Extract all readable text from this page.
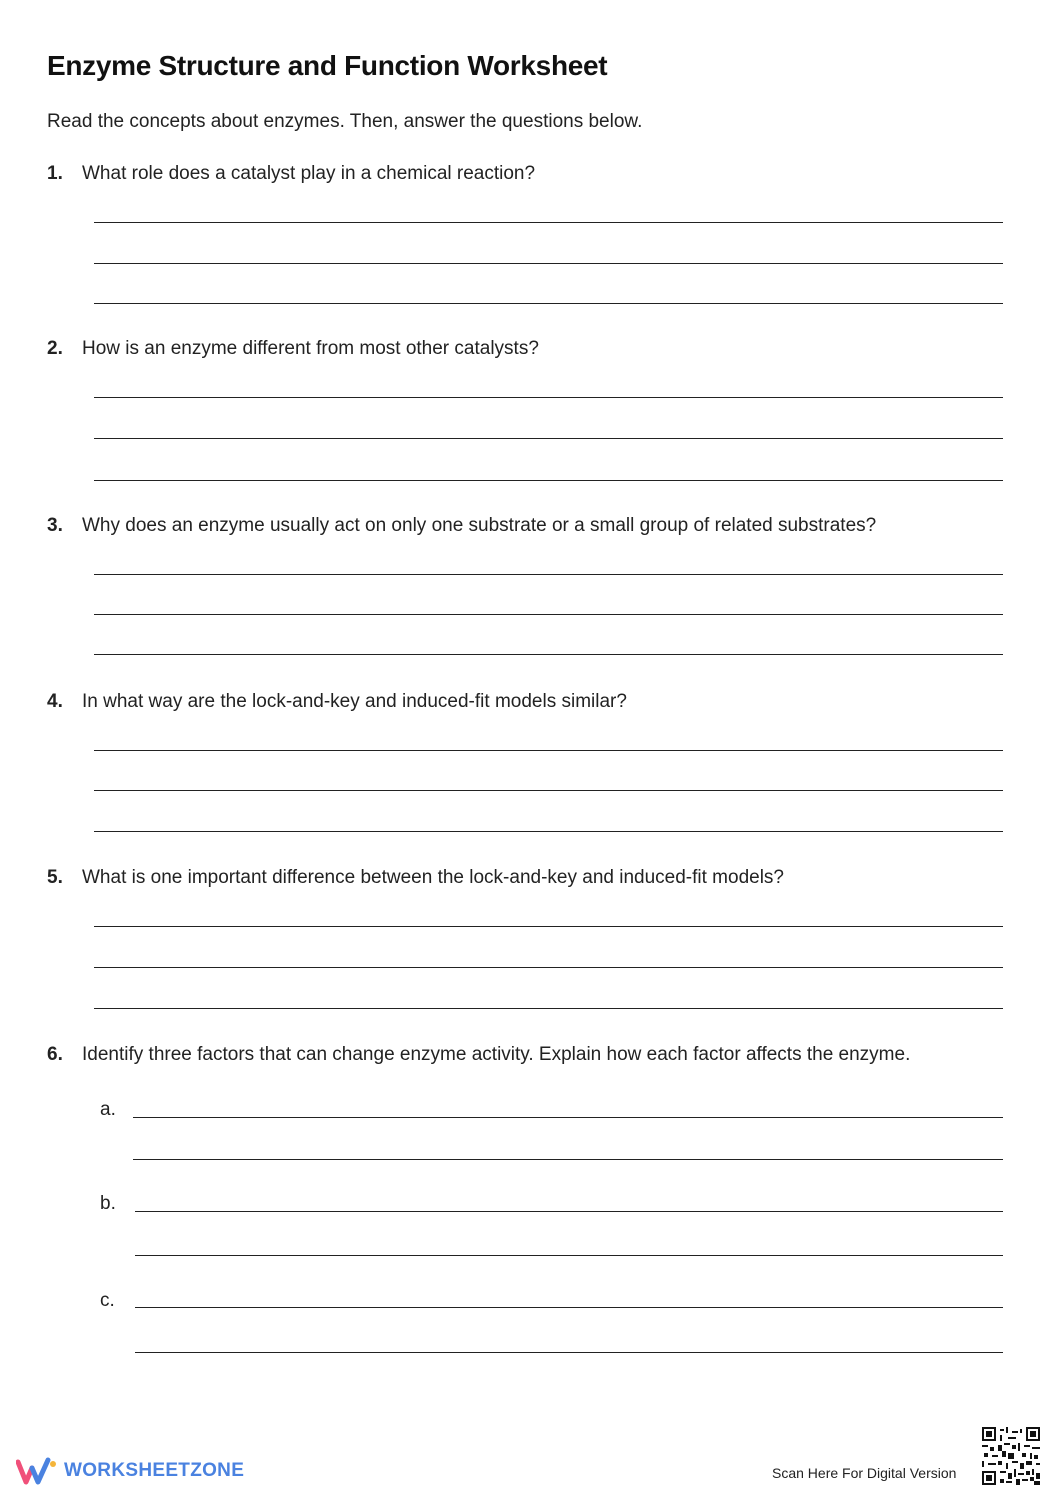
Enzyme Structure and Function Worksheet
Read the concepts about enzymes. Then, answer the questions below.
1. What role does a catalyst play in a chemical reaction?
2. How is an enzyme different from most other catalysts?
3. Why does an enzyme usually act on only one substrate or a small group of related substrates?
4. In what way are the lock-and-key and induced-fit models similar?
5. What is one important difference between the lock-and-key and induced-fit models?
6. Identify three factors that can change enzyme activity. Explain how each factor affects the enzyme.
a.
b.
c.
WORKSHEETZONE	Scan Here For Digital Version
